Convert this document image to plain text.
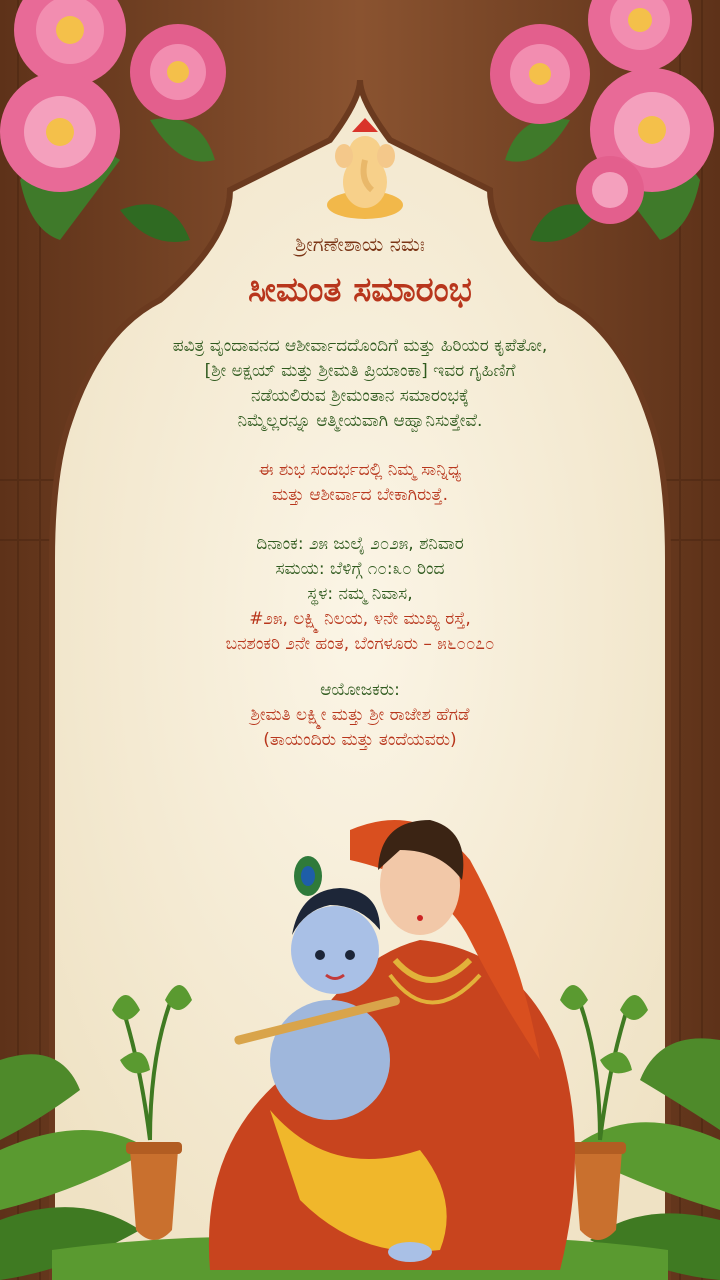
ಶ್ರೀಗಣೇಶಾಯ ನಮಃ
ಸೀಮಂತ ಸಮಾರಂಭ
ಪವಿತ್ರ ವೃಂದಾವನದ ಆಶೀರ್ವಾದದೊಂದಿಗೆ ಮತ್ತು ಹಿರಿಯರ ಕೃಪೆತೋ,
[ಶ್ರೀ ಅಕ್ಷಯ್ ಮತ್ತು ಶ್ರೀಮತಿ ಪ್ರಿಯಾಂಕಾ] ಇವರ ಗೃಹಿಣಿಗೆ
ನಡೆಯಲಿರುವ ಶ್ರೀಮಂತಾನ ಸಮಾರಂಭಕ್ಕೆ
ನಿಮ್ಮೆಲ್ಲರನ್ನೂ ಆತ್ಮೀಯವಾಗಿ ಆಹ್ವಾನಿಸುತ್ತೇವೆ.
ಈ ಶುಭ ಸಂದರ್ಭದಲ್ಲಿ ನಿಮ್ಮ ಸಾನ್ನಿಧ್ಯ
ಮತ್ತು ಆಶೀರ್ವಾದ ಬೇಕಾಗಿರುತ್ತೆ.
ದಿನಾಂಕ: ೨೫ ಜುಲೈ ೨೦೨೫, ಶನಿವಾರ
ಸಮಯ: ಬೆಳಿಗ್ಗೆ ೧೦:೩೦ ರಿಂದ
ಸ್ಥಳ: ನಮ್ಮ ನಿವಾಸ,
#೨೫, ಲಕ್ಷ್ಮಿ ನಿಲಯ, ೪ನೇ ಮುಖ್ಯ ರಸ್ತೆ,
ಬನಶಂಕರಿ ೨ನೇ ಹಂತ, ಬೆಂಗಳೂರು – ೫೬೦೦೭೦
ಆಯೋಜಕರು:
ಶ್ರೀಮತಿ ಲಕ್ಷ್ಮೀ ಮತ್ತು ಶ್ರೀ ರಾಜೇಶ ಹೆಗಡೆ
(ತಾಯಂದಿರು ಮತ್ತು ತಂದೆಯವರು)
